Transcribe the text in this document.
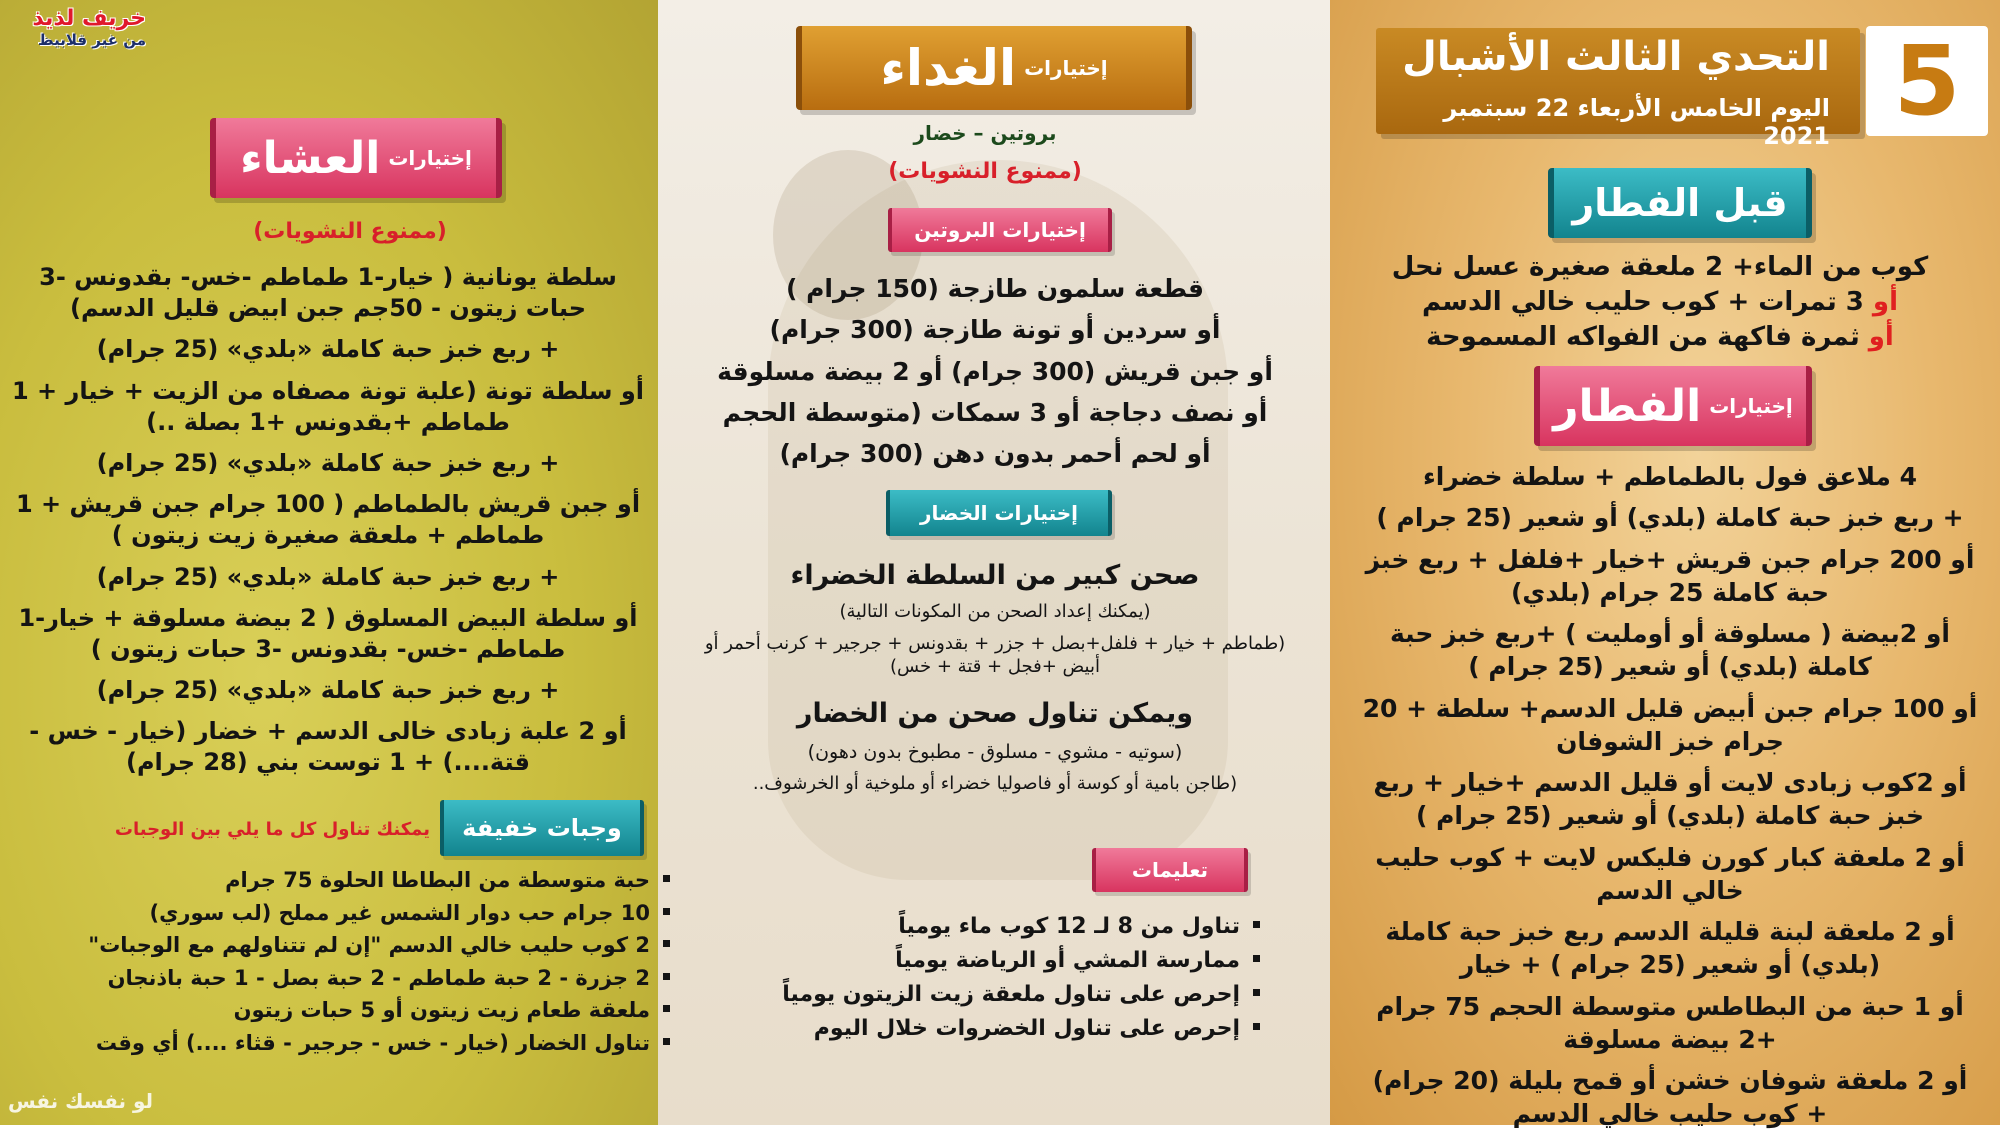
خريف لذيذ
من غير قلابيظ
لو نفسك نفس
التحدي الثالث الأشبال
اليوم الخامس الأربعاء 22 سبتمبر 2021 5
قبل الفطار
كوب من الماء+ 2 ملعقة صغيرة عسل نحل
أو 3 تمرات + كوب حليب خالي الدسم
أو ثمرة فاكهة من الفواكه المسموحة
إختيارات
الفطار
4 ملاعق فول بالطماطم + سلطة خضراء
+ ربع خبز حبة كاملة (بلدي) أو شعير (25 جرام )
أو 200 جرام جبن قريش +خيار +فلفل + ربع خبز حبة كاملة 25 جرام (بلدي)
أو 2بيضة ( مسلوقة أو أومليت ) +ربع خبز حبة كاملة (بلدي) أو شعير (25 جرام )
أو 100 جرام جبن أبيض قليل الدسم+ سلطة + 20 جرام خبز الشوفان
أو 2كوب زبادى لايت أو قليل الدسم +خيار + ربع خبز حبة كاملة (بلدي) أو شعير (25 جرام )
أو 2 ملعقة كبار كورن فليكس لايت + كوب حليب خالي الدسم
أو 2 ملعقة لبنة قليلة الدسم ربع خبز حبة كاملة (بلدي) أو شعير (25 جرام ) + خيار
أو 1 حبة من البطاطس متوسطة الحجم 75 جرام +2 بيضة مسلوقة
أو 2 ملعقة شوفان خشن أو قمح بليلة (20 جرام) + كوب حليب خالي الدسم
إختيارات
الغداء
بروتين – خضار
(ممنوع النشويات)
إختيارات البروتين
قطعة سلمون طازجة (150 جرام )
أو سردين أو تونة طازجة (300 جرام)
أو جبن قريش (300 جرام) أو 2 بيضة مسلوقة
أو نصف دجاجة أو 3 سمكات (متوسطة الحجم
أو لحم أحمر بدون دهن (300 جرام)
إختيارات الخضار
صحن كبير من السلطة الخضراء
(يمكنك إعداد الصحن من المكونات التالية)
(طماطم + خيار + فلفل+بصل + جزر + بقدونس + جرجير + كرنب أحمر أو أبيض +فجل + قتة + خس)
ويمكن تناول صحن من الخضار
(سوتيه - مشوي - مسلوق - مطبوخ بدون دهون)
(طاجن بامية أو كوسة أو فاصوليا خضراء أو ملوخية أو الخرشوف..
تعليمات
تناول من 8 لـ 12 كوب ماء يومياً
ممارسة المشي أو الرياضة يومياً
إحرص على تناول ملعقة زيت الزيتون يومياً
إحرص على تناول الخضروات خلال اليوم
إختيارات
العشاء
(ممنوع النشويات)
سلطة يونانية ( خيار-1 طماطم -خس- بقدونس -3 حبات زيتون - 50جم جبن ابيض قليل الدسم)
+ ربع خبز حبة كاملة «بلدي» (25 جرام)
أو سلطة تونة (علبة تونة مصفاه من الزيت + خيار + 1 طماطم +بقدونس +1 بصلة ..)
+ ربع خبز حبة كاملة «بلدي» (25 جرام)
أو جبن قريش بالطماطم ( 100 جرام جبن قريش + 1 طماطم + ملعقة صغيرة زيت زيتون )
+ ربع خبز حبة كاملة «بلدي» (25 جرام)
أو سلطة البيض المسلوق ( 2 بيضة مسلوقة + خيار-1 طماطم -خس- بقدونس -3 حبات زيتون )
+ ربع خبز حبة كاملة «بلدي» (25 جرام)
أو 2 علبة زبادى خالى الدسم + خضار (خيار - خس - قتة....) + 1 توست بني (28 جرام)
وجبات خفيفة
يمكنك تناول كل ما يلي بين الوجبات
حبة متوسطة من البطاطا الحلوة 75 جرام
10 جرام حب دوار الشمس غير مملح (لب سوري)
2 كوب حليب خالي الدسم "إن لم تتناولهم مع الوجبات"
2 جزرة - 2 حبة طماطم - 2 حبة بصل - 1 حبة باذنجان
ملعقة طعام زيت زيتون أو 5 حبات زيتون
تناول الخضار (خيار - خس - جرجير - قثاء ....) أي وقت
